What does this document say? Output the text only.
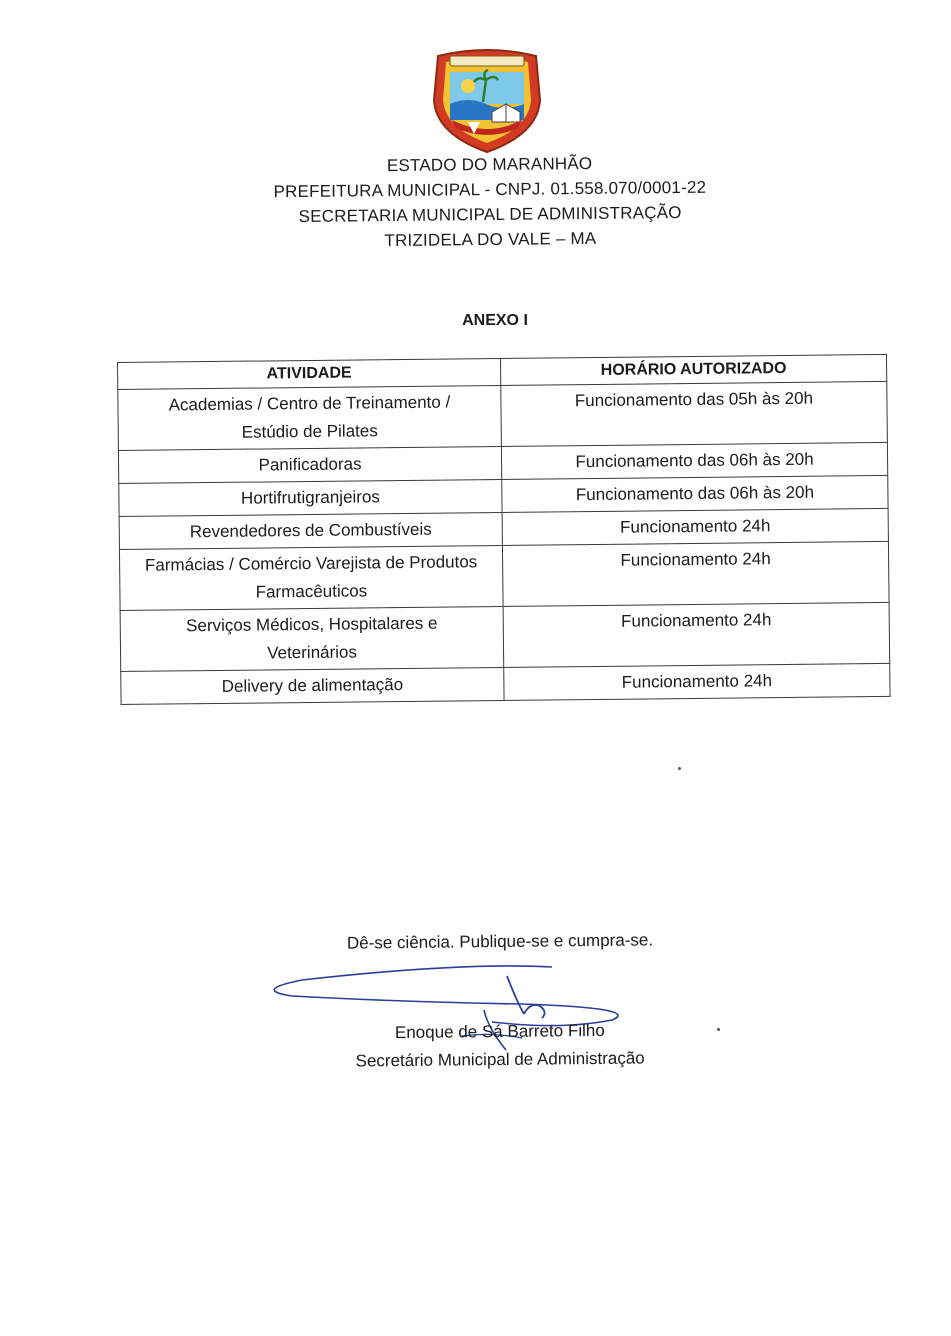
ESTADO DO MARANHÃO
PREFEITURA MUNICIPAL - CNPJ. 01.558.070/0001-22
SECRETARIA MUNICIPAL DE ADMINISTRAÇÃO
TRIZIDELA DO VALE – MA
ANEXO I
ATIVIDADE	HORÁRIO AUTORIZADO

Academias / Centro de Treinamento /
Estúdio de Pilates	Funcionamento das 05h às 20h

Panificadoras	Funcionamento das 06h às 20h

Hortifrutigranjeiros	Funcionamento das 06h às 20h

Revendedores de Combustíveis	Funcionamento 24h

Farmácias / Comércio Varejista de Produtos
Farmacêuticos	Funcionamento 24h

Serviços Médicos, Hospitalares e
Veterinários	Funcionamento 24h

Delivery de alimentação	Funcionamento 24h
Dê-se ciência. Publique-se e cumpra-se.
Enoque de Sá Barreto Filho
Secretário Municipal de Administração
